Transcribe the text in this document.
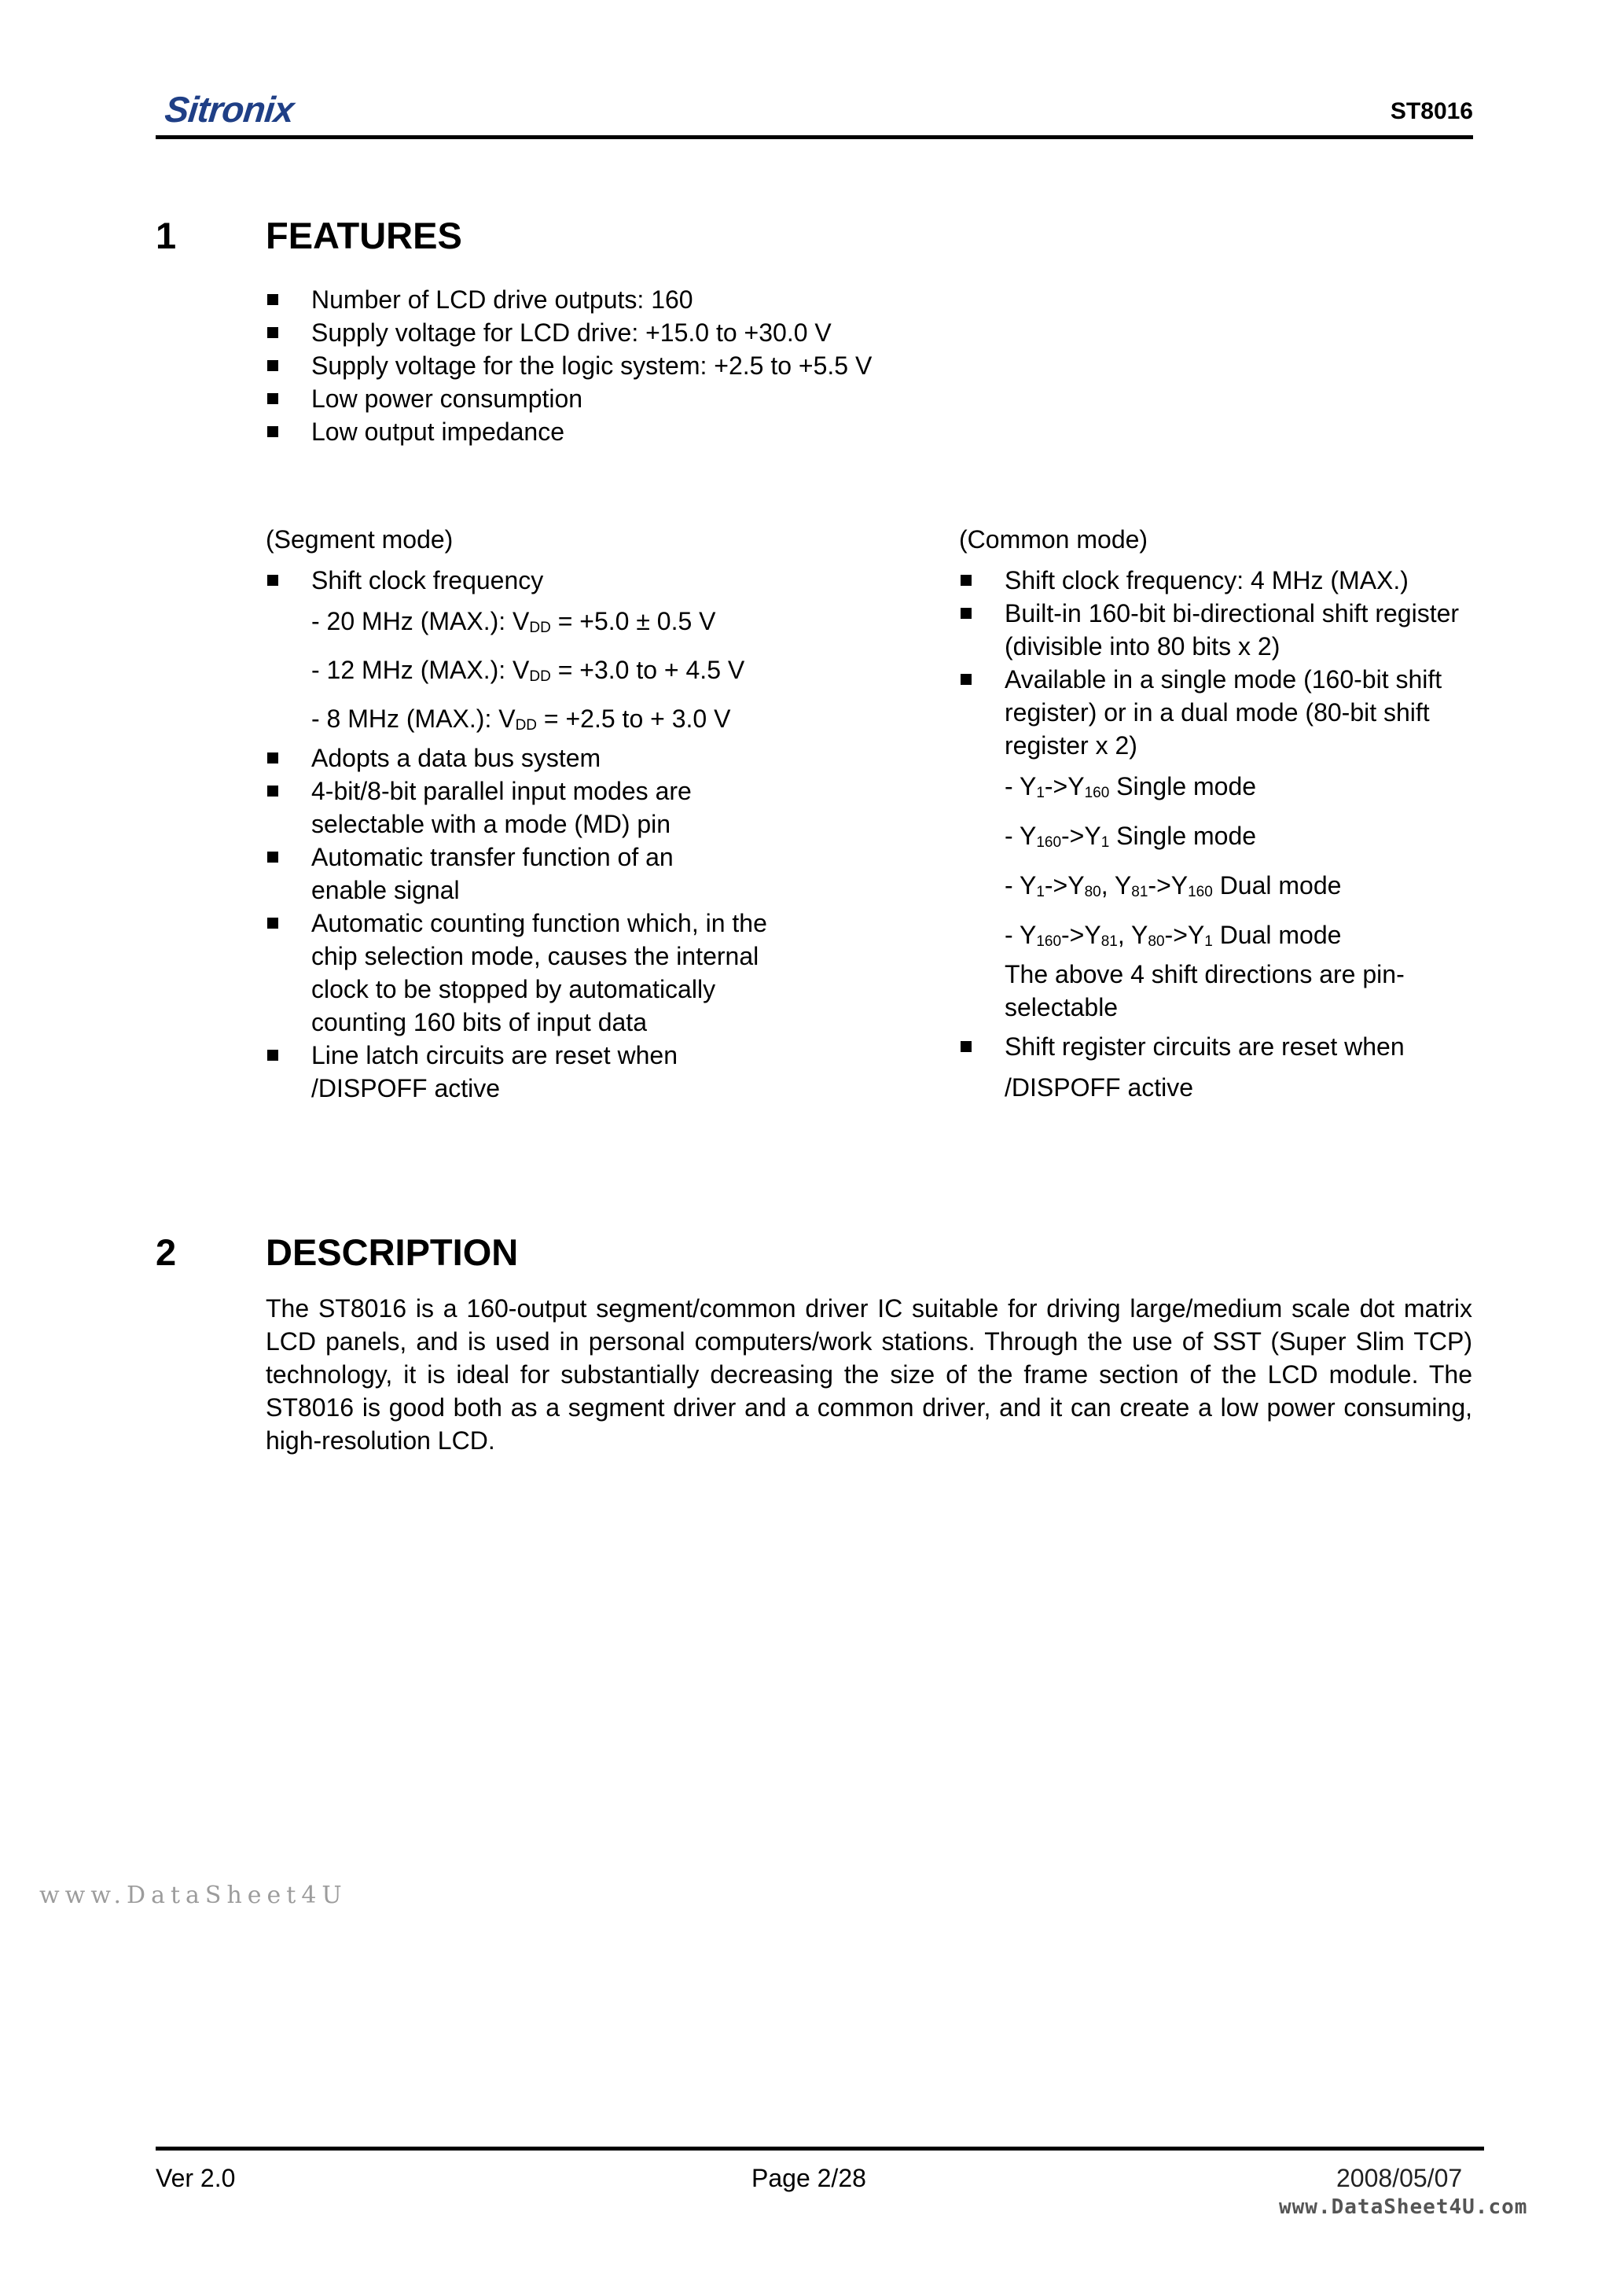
Sitronix	ST8016
1 FEATURES
Number of LCD drive outputs: 160
Supply voltage for LCD drive: +15.0 to +30.0 V
Supply voltage for the logic system: +2.5 to +5.5 V
Low power consumption
Low output impedance
(Segment mode)
Shift clock frequency
- 20 MHz (MAX.): $V_{DD} = +5.0 \pm 0.5$ V
- 12 MHz (MAX.): $V_{DD} = +3.0$ to + 4.5 V
- 8 MHz (MAX.): $V_{DD} = +2.5$ to + 3.0 V
Adopts a data bus system
4-bit/8-bit parallel input modes are selectable with a mode (MD) pin
Automatic transfer function of an enable signal
Automatic counting function which, in the chip selection mode, causes the internal clock to be stopped by automatically counting 160 bits of input data
Line latch circuits are reset when /DISPOFF active
(Common mode)
Shift clock frequency: 4 MHz (MAX.)
Built-in 160-bit bi-directional shift register (divisible into 80 bits x 2)
Available in a single mode (160-bit shift register) or in a dual mode (80-bit shift register x 2)
- $Y_1->Y_{160}$ Single mode
- $Y_{160}->Y_1$ Single mode
- $Y_1->Y_{80}$, $Y_{81}->Y_{160}$ Dual mode
- $Y_{160}->Y_{81}$, $Y_{80}->Y_1$ Dual mode
The above 4 shift directions are pin-selectable
Shift register circuits are reset when
/DISPOFF active
2 DESCRIPTION
The ST8016 is a 160-output segment/common driver IC suitable for driving large/medium scale dot matrix LCD panels, and is used in personal computers/work stations. Through the use of SST (Super Slim TCP) technology, it is ideal for substantially decreasing the size of the frame section of the LCD module. The ST8016 is good both as a segment driver and a common driver, and it can create a low power consuming, high-resolution LCD.
www.DataSheet4U
Ver 2.0	Page 2/28	2008/05/07
www.DataSheet4U.com
